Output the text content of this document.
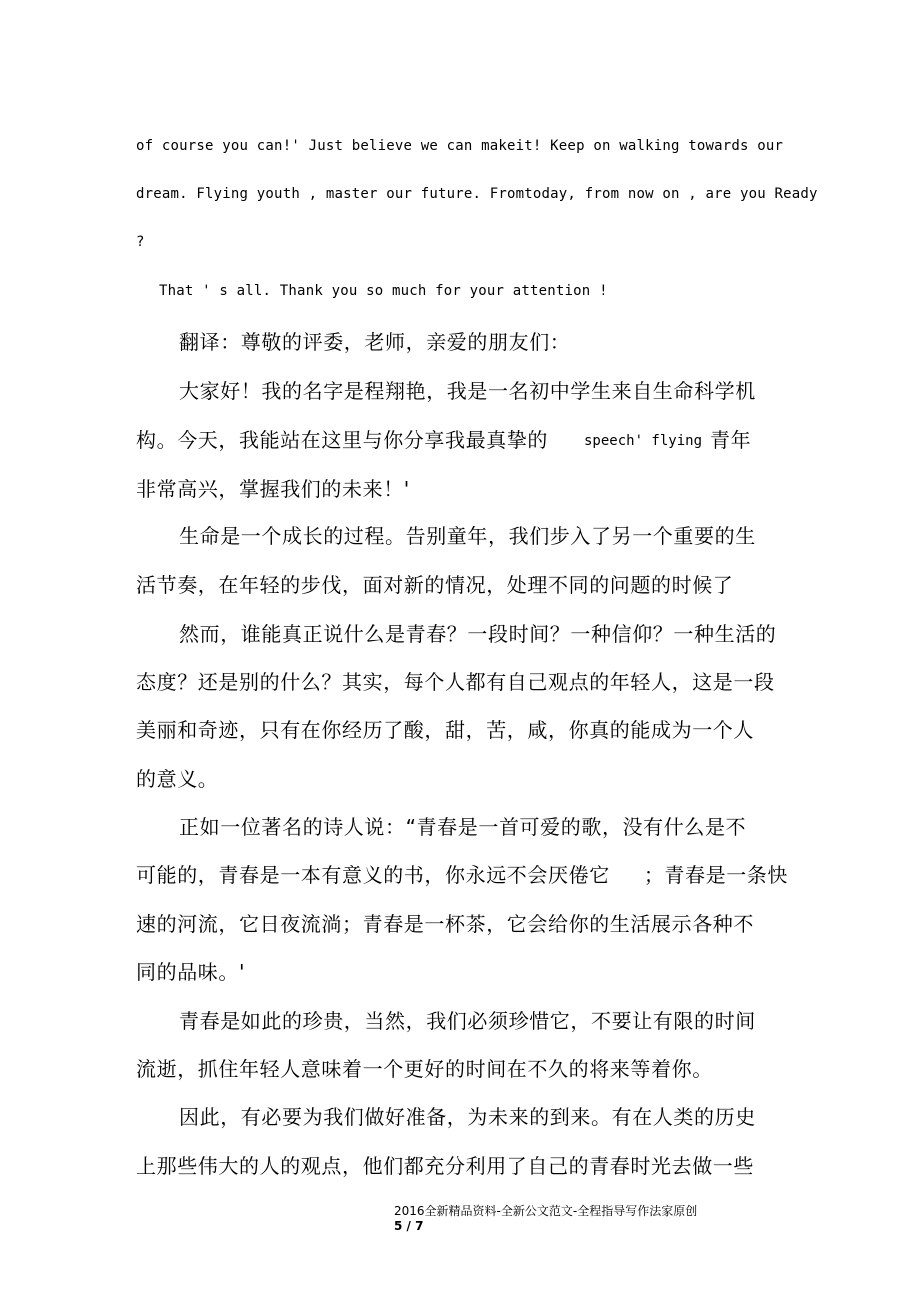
of course you can!' Just believe we can makeit! Keep on walking towards our

dream. Flying youth , master our future. Fromtoday, from now on , are you Ready

?

That ' s all. Thank you so much for your attention !

翻译：尊敬的评委，老师，亲爱的朋友们：

大家好！我的名字是程翔艳，我是一名初中学生来自生命科学机

构。今天，我能站在这里与你分享我最真挚的	speech' flying 青年

非常高兴，掌握我们的未来！'

生命是一个成长的过程。告别童年，我们步入了另一个重要的生

活节奏，在年轻的步伐，面对新的情况，处理不同的问题的时候了

然而，谁能真正说什么是青春？一段时间？一种信仰？一种生活的

态度？还是别的什么？其实，每个人都有自己观点的年轻人，这是一段

美丽和奇迹，只有在你经历了酸，甜，苦，咸，你真的能成为一个人

的意义。

正如一位著名的诗人说：“青春是一首可爱的歌，没有什么是不

可能的，青春是一本有意义的书，你永远不会厌倦它 ；青春是一条快

速的河流，它日夜流淌；青春是一杯茶，它会给你的生活展示各种不

同的品味。'

青春是如此的珍贵，当然，我们必须珍惜它，不要让有限的时间

流逝，抓住年轻人意味着一个更好的时间在不久的将来等着你。

因此，有必要为我们做好准备，为未来的到来。有在人类的历史

上那些伟大的人的观点，他们都充分利用了自己的青春时光去做一些

2016全新精品资料-全新公文范文-全程指导写作法家原创
5 / 7
